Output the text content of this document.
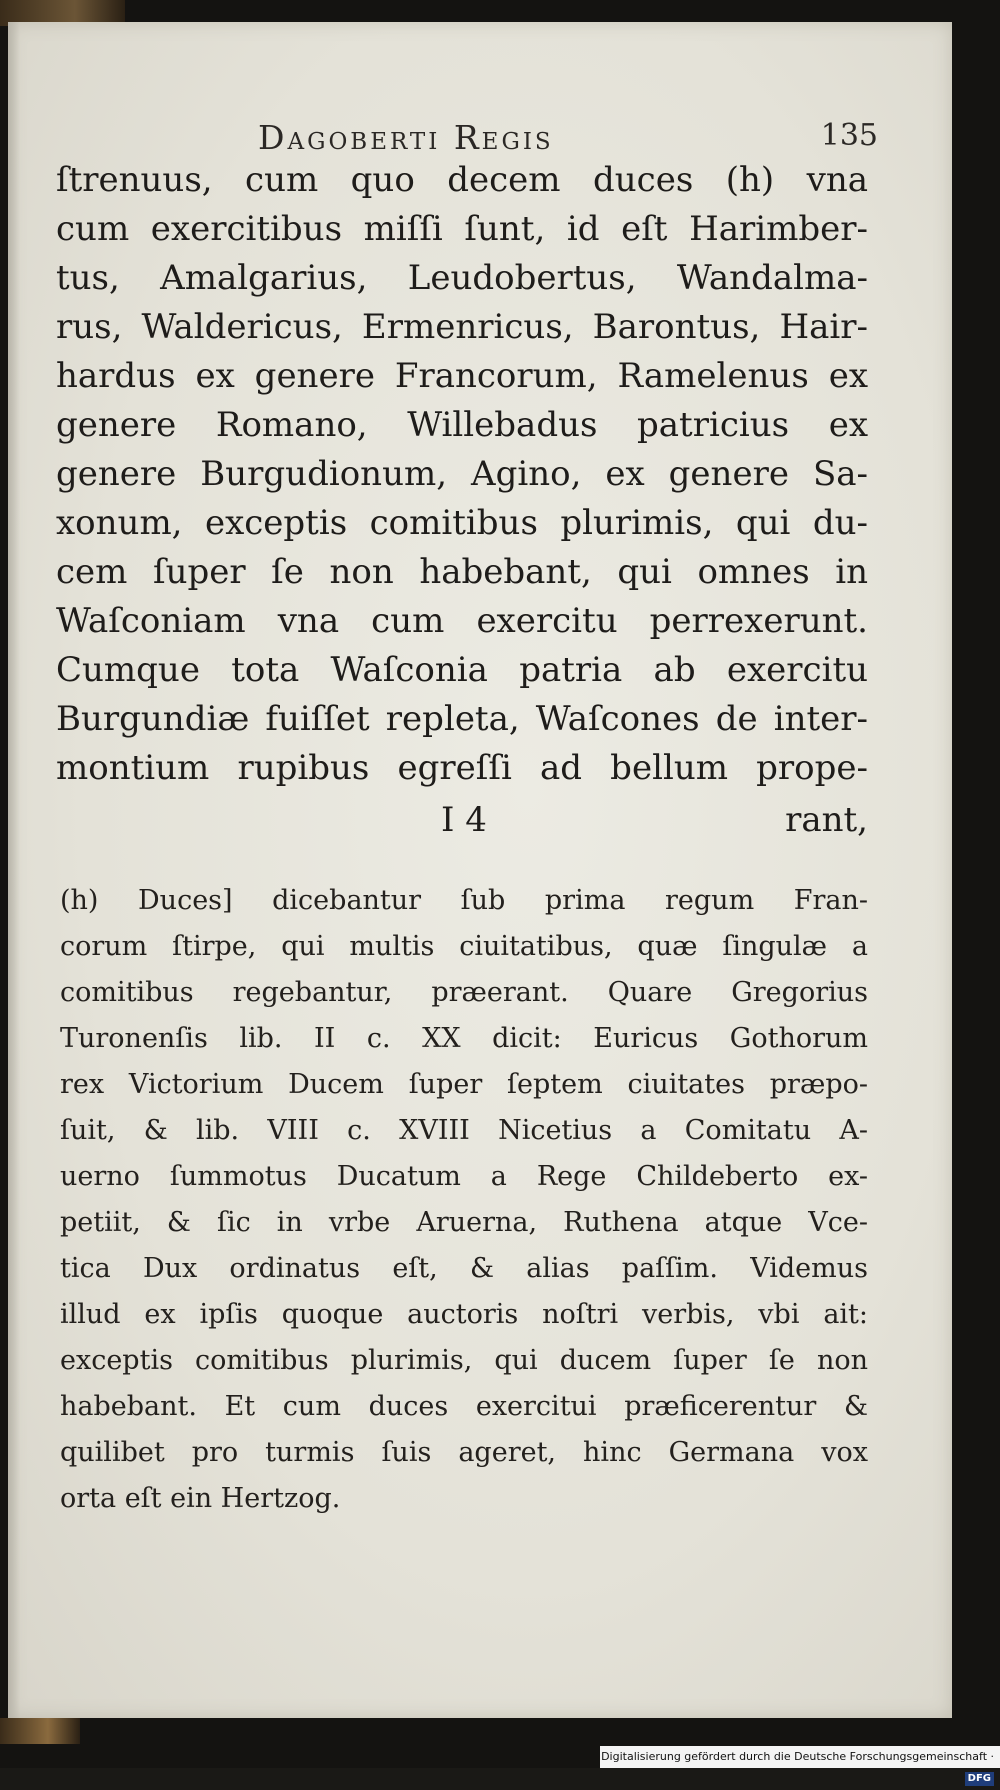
Dagoberti Regis	135
ſtrenuus, cum quo decem duces (h) vna
cum exercitibus miſſi ſunt, id eſt Harimber-
tus, Amalgarius, Leudobertus, Wandalma-
rus, Waldericus, Ermenricus, Barontus, Hair-
hardus ex genere Francorum, Ramelenus ex
genere Romano, Willebadus patricius ex
genere Burgudionum, Agino, ex genere Sa-
xonum, exceptis comitibus plurimis, qui du-
cem ſuper ſe non habebant, qui omnes in
Waſconiam vna cum exercitu perrexerunt.
Cumque tota Waſconia patria ab exercitu
Burgundiæ fuiſſet repleta, Waſcones de inter-
montium rupibus egreſſi ad bellum prope-
I 4	rant,
(h) Duces] dicebantur ſub prima regum Fran-
corum ſtirpe, qui multis ciuitatibus, quæ ſingulæ a
comitibus regebantur, præerant. Quare Gregorius
Turonenſis lib. II c. XX dicit: Euricus Gothorum
rex Victorium Ducem ſuper ſeptem ciuitates præpo-
ſuit, & lib. VIII c. XVIII Nicetius a Comitatu A-
uerno ſummotus Ducatum a Rege Childeberto ex-
petiit, & ſic in vrbe Aruerna, Ruthena atque Vce-
tica Dux ordinatus eſt, & alias paſſim. Videmus
illud ex ipſis quoque auctoris noſtri verbis, vbi ait:
exceptis comitibus plurimis, qui ducem ſuper ſe non
habebant. Et cum duces exercitui præficerentur &
quilibet pro turmis ſuis ageret, hinc Germana vox
orta eſt ein Hertzog.
Digitalisierung gefördert durch die Deutsche Forschungsgemeinschaft · DFG
